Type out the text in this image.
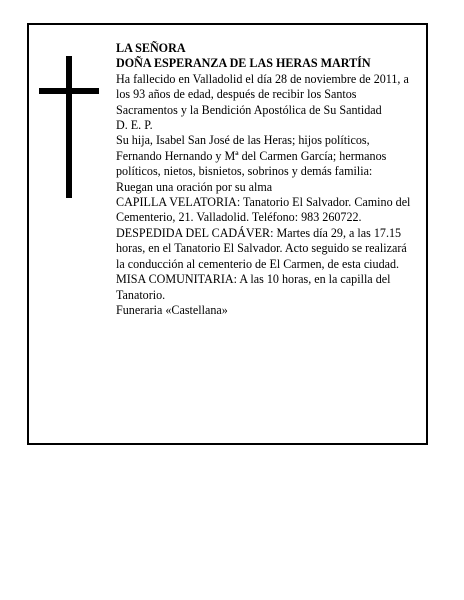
LA SEÑORA

DOÑA ESPERANZA DE LAS HERAS MARTÍN

Ha fallecido en Valladolid el día 28 de noviembre de 2011, a los 93 años de edad, después de recibir los Santos Sacramentos y la Bendición Apostólica de Su Santidad

D. E. P.

Su hija, Isabel San José de las Heras; hijos políticos, Fernando Hernando y Mª del Carmen García; hermanos políticos, nietos, bisnietos, sobrinos y demás familia:

Ruegan una oración por su alma

CAPILLA VELATORIA: Tanatorio El Salvador. Camino del Cementerio, 21. Valladolid. Teléfono: 983 260722.

DESPEDIDA DEL CADÁVER: Martes día 29, a las 17.15 horas, en el Tanatorio El Salvador. Acto seguido se realizará la conducción al cementerio de El Carmen, de esta ciudad.

MISA COMUNITARIA: A las 10 horas, en la capilla del Tanatorio.

Funeraria «Castellana»
